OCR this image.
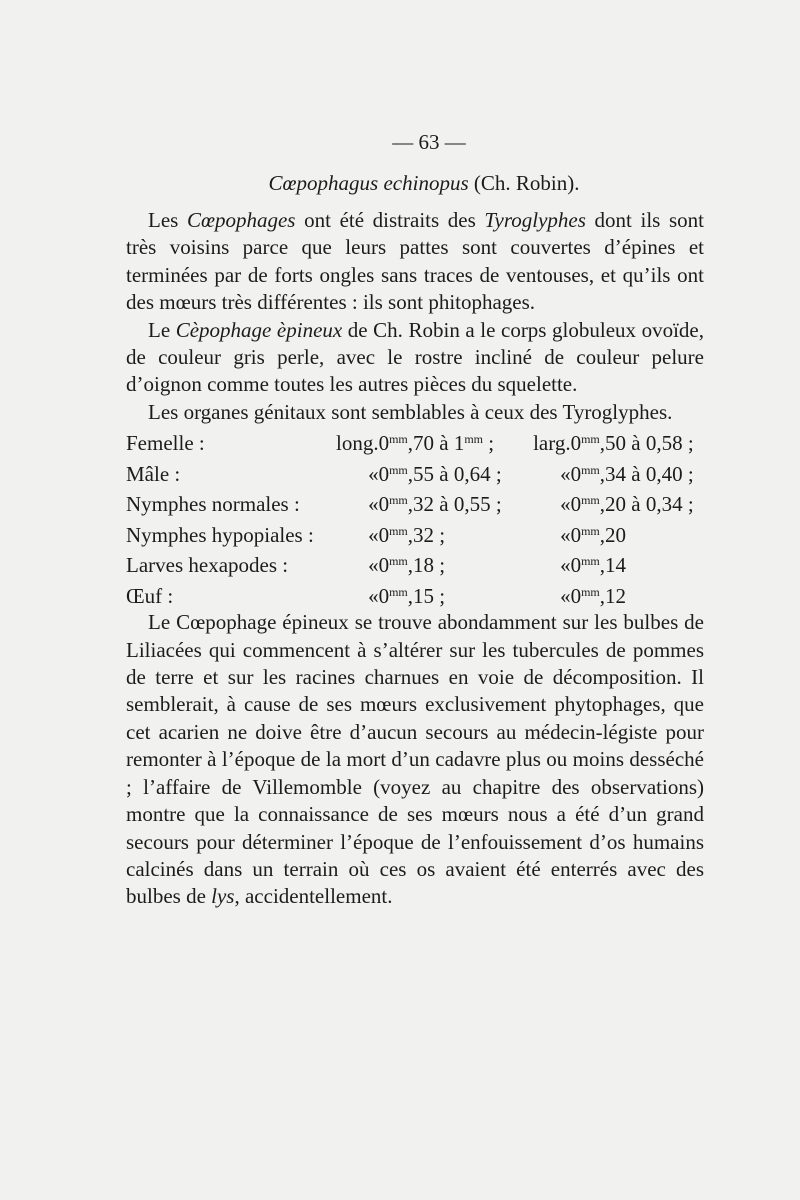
— 63 —
Cœpophagus echinopus (Ch. Robin).

Les Cœpophages ont été distraits des Tyroglyphes dont ils sont très voisins parce que leurs pattes sont couvertes d’épines et terminées par de forts ongles sans traces de ventouses, et qu’ils ont des mœurs très différentes : ils sont phitophages.

Le Cèpophage èpineux de Ch. Robin a le corps globuleux ovoïde, de couleur gris perle, avec le rostre incliné de couleur pelure d’oignon comme toutes les autres pièces du squelette.

Les organes génitaux sont semblables à ceux des Tyroglyphes.

Femelle :	long.	$0^{mm},70$ à $1^{mm}$ ;	larg.	$0^{mm},50$ à 0,58 ;
Mâle :	«	$0^{mm},55$ à 0,64 ;	«	$0^{mm},34$ à 0,40 ;
Nymphes normales :	«	$0^{mm},32$ à 0,55 ;	«	$0^{mm},20$ à 0,34 ;
Nymphes hypopiales :	«	$0^{mm},32$ ;	«	$0^{mm},20$
Larves hexapodes :	«	$0^{mm},18$ ;	«	$0^{mm},14$
Œuf :	«	$0^{mm},15$ ;	«	$0^{mm},12$

Le Cœpophage épineux se trouve abondamment sur les bulbes de Liliacées qui commencent à s’altérer sur les tubercules de pommes de terre et sur les racines charnues en voie de décomposition. Il semblerait, à cause de ses mœurs exclusivement phytophages, que cet acarien ne doive être d’aucun secours au médecin-légiste pour remonter à l’époque de la mort d’un cadavre plus ou moins desséché ; l’affaire de Villemomble (voyez au chapitre des observations) montre que la connaissance de ses mœurs nous a été d’un grand secours pour déterminer l’époque de l’enfouissement d’os humains calcinés dans un terrain où ces os avaient été enterrés avec des bulbes de lys, accidentellement.
